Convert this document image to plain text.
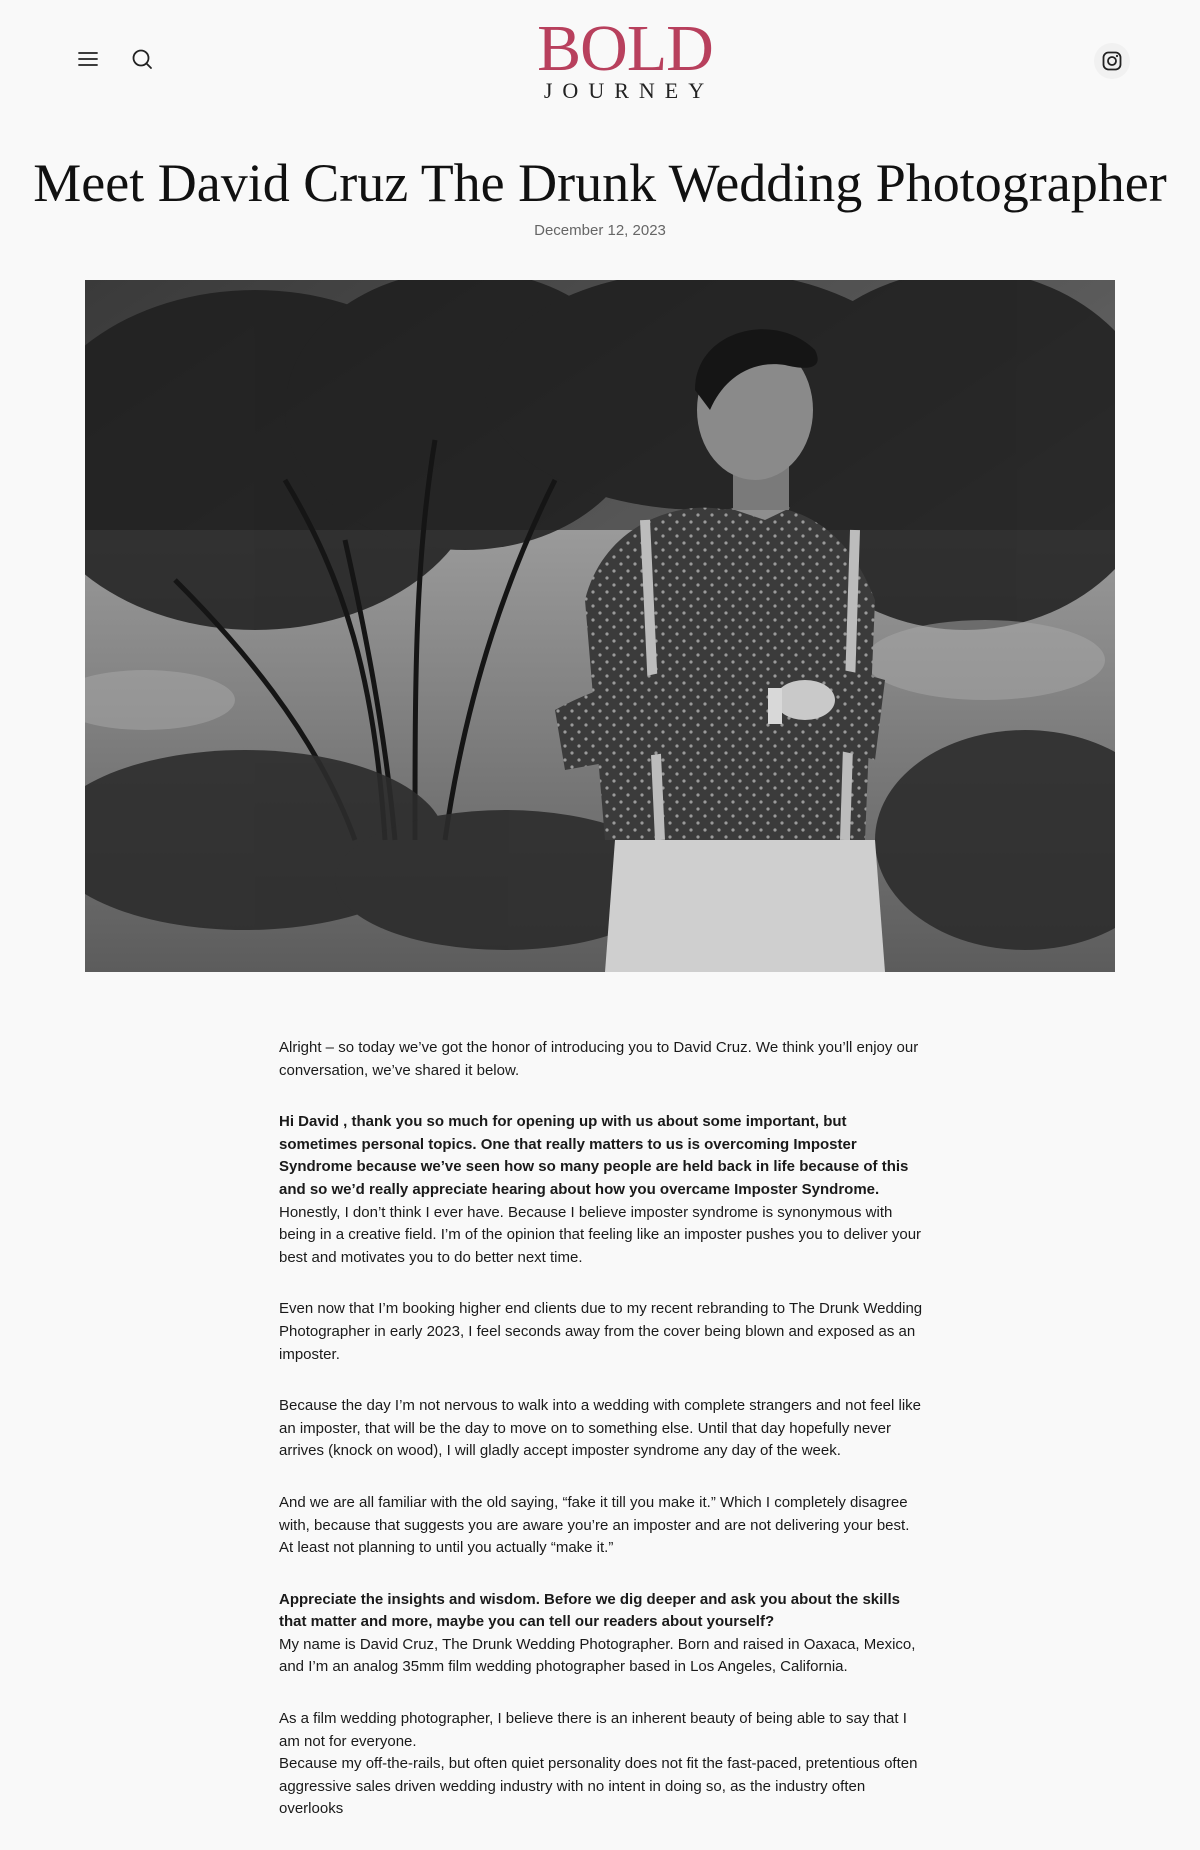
BOLD
JOURNEY
Meet David Cruz The Drunk Wedding Photographer
December 12, 2023

Alright – so today we’ve got the honor of introducing you to David Cruz. We think you’ll enjoy our conversation, we’ve shared it below.

Hi David , thank you so much for opening up with us about some important, but sometimes personal topics. One that really matters to us is overcoming Imposter Syndrome because we’ve seen how so many people are held back in life because of this and so we’d really appreciate hearing about how you overcame Imposter Syndrome.
Honestly, I don’t think I ever have. Because I believe imposter syndrome is synonymous with being in a creative field. I’m of the opinion that feeling like an imposter pushes you to deliver your best and motivates you to do better next time.

Even now that I’m booking higher end clients due to my recent rebranding to The Drunk Wedding Photographer in early 2023, I feel seconds away from the cover being blown and exposed as an imposter.

Because the day I’m not nervous to walk into a wedding with complete strangers and not feel like an imposter, that will be the day to move on to something else. Until that day hopefully never arrives (knock on wood), I will gladly accept imposter syndrome any day of the week.

And we are all familiar with the old saying, “fake it till you make it.” Which I completely disagree with, because that suggests you are aware you’re an imposter and are not delivering your best. At least not planning to until you actually “make it.”

Appreciate the insights and wisdom. Before we dig deeper and ask you about the skills that matter and more, maybe you can tell our readers about yourself?
My name is David Cruz, The Drunk Wedding Photographer. Born and raised in Oaxaca, Mexico, and I’m an analog 35mm film wedding photographer based in Los Angeles, California.

As a film wedding photographer, I believe there is an inherent beauty of being able to say that I am not for everyone.
Because my off-the-rails, but often quiet personality does not fit the fast-paced, pretentious often aggressive sales driven wedding industry with no intent in doing so, as the industry often overlooks
